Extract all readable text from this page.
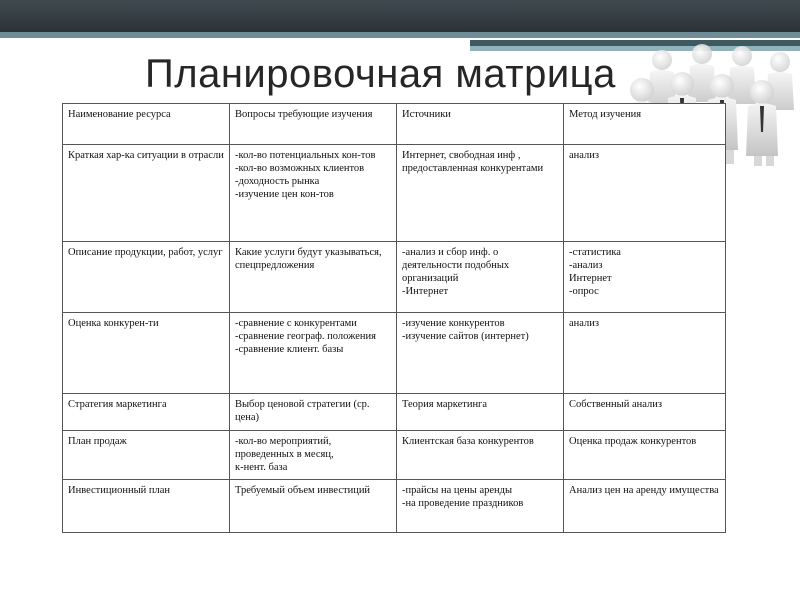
Планировочная матрица
Наименование ресурса	Вопросы требующие изучения	Источники	Метод изучения
Краткая хар-ка ситуации в отрасли	-кол-во потенциальных кон-тов
-кол-во возможных клиентов
-доходность рынка
-изучение цен кон-тов	Интернет, свободная инф , предоставленная конкурентами	анализ
Описание продукции, работ, услуг	Какие услуги будут указываться, спецпредложения	-анализ и сбор инф. о деятельности подобных организаций
-Интернет	-статистика
-анализ
Интернет
-опрос
Оценка конкурен-ти	-сравнение с конкурентами
-сравнение географ. положения
-сравнение клиент. базы	-изучение конкурентов
-изучение сайтов (интернет)	анализ
Стратегия маркетинга	Выбор ценовой стратегии (ср. цена)	Теория маркетинга	Собственный анализ
План продаж	-кол-во мероприятий, проведенных в месяц,
к-нент. база	Клиентская база конкурентов	Оценка продаж конкурентов
Инвестиционный план	Требуемый объем инвестиций	-прайсы на цены аренды
-на проведение праздников	Анализ цен на аренду имущества
